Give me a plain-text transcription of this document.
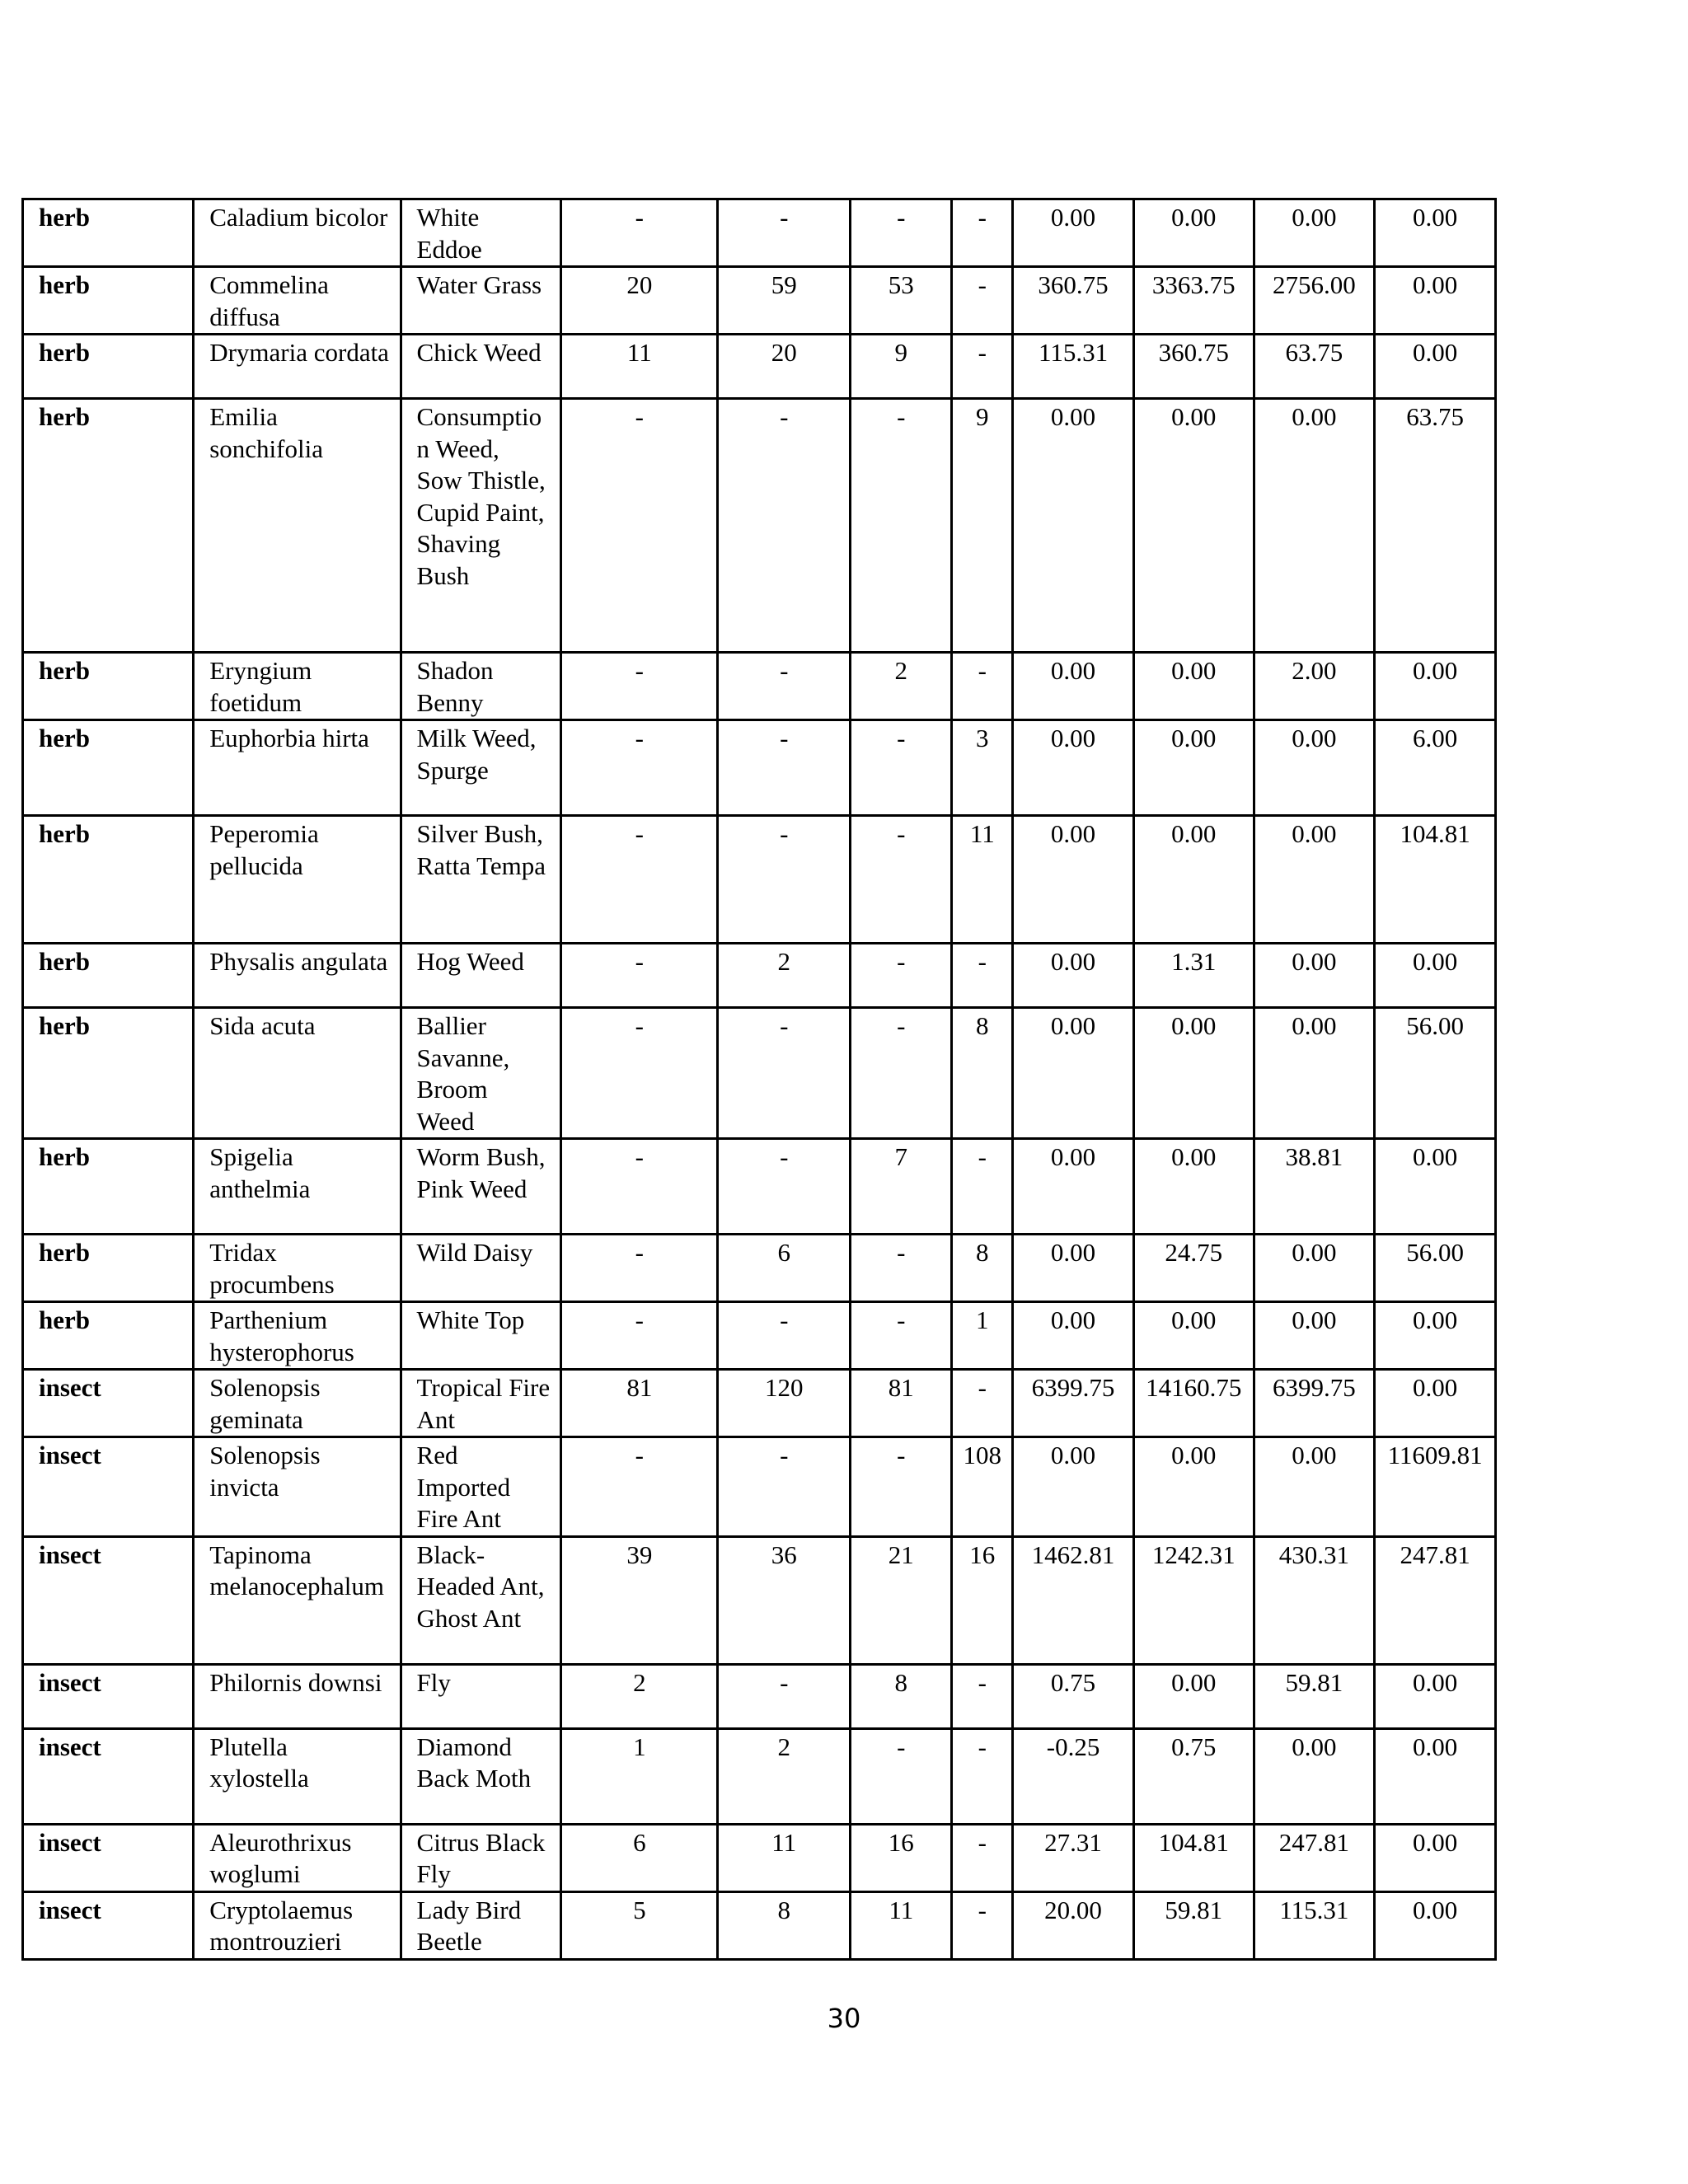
herb	Caladium bicolor	White Eddoe	-	-	-	-	0.00	0.00	0.00	0.00
herb	Commelina diffusa	Water Grass	20	59	53	-	360.75	3363.75	2756.00	0.00
herb	Drymaria cordata	Chick Weed	11	20	9	-	115.31	360.75	63.75	0.00
herb	Emilia sonchifolia	Consumption Weed, Sow Thistle, Cupid Paint, Shaving Bush	-	-	-	9	0.00	0.00	0.00	63.75
herb	Eryngium foetidum	Shadon Benny	-	-	2	-	0.00	0.00	2.00	0.00
herb	Euphorbia hirta	Milk Weed, Spurge	-	-	-	3	0.00	0.00	0.00	6.00
herb	Peperomia pellucida	Silver Bush, Ratta Tempa	-	-	-	11	0.00	0.00	0.00	104.81
herb	Physalis angulata	Hog Weed	-	2	-	-	0.00	1.31	0.00	0.00
herb	Sida acuta	Ballier Savanne, Broom Weed	-	-	-	8	0.00	0.00	0.00	56.00
herb	Spigelia anthelmia	Worm Bush, Pink Weed	-	-	7	-	0.00	0.00	38.81	0.00
herb	Tridax procumbens	Wild Daisy	-	6	-	8	0.00	24.75	0.00	56.00
herb	Parthenium hysterophorus	White Top	-	-	-	1	0.00	0.00	0.00	0.00
insect	Solenopsis geminata	Tropical Fire Ant	81	120	81	-	6399.75	14160.75	6399.75	0.00
insect	Solenopsis invicta	Red Imported Fire Ant	-	-	-	108	0.00	0.00	0.00	11609.81
insect	Tapinoma melanocephalum	Black-Headed Ant, Ghost Ant	39	36	21	16	1462.81	1242.31	430.31	247.81
insect	Philornis downsi	Fly	2	-	8	-	0.75	0.00	59.81	0.00
insect	Plutella xylostella	Diamond Back Moth	1	2	-	-	-0.25	0.75	0.00	0.00
insect	Aleurothrixus woglumi	Citrus Black Fly	6	11	16	-	27.31	104.81	247.81	0.00
insect	Cryptolaemus montrouzieri	Lady Bird Beetle	5	8	11	-	20.00	59.81	115.31	0.00
30
